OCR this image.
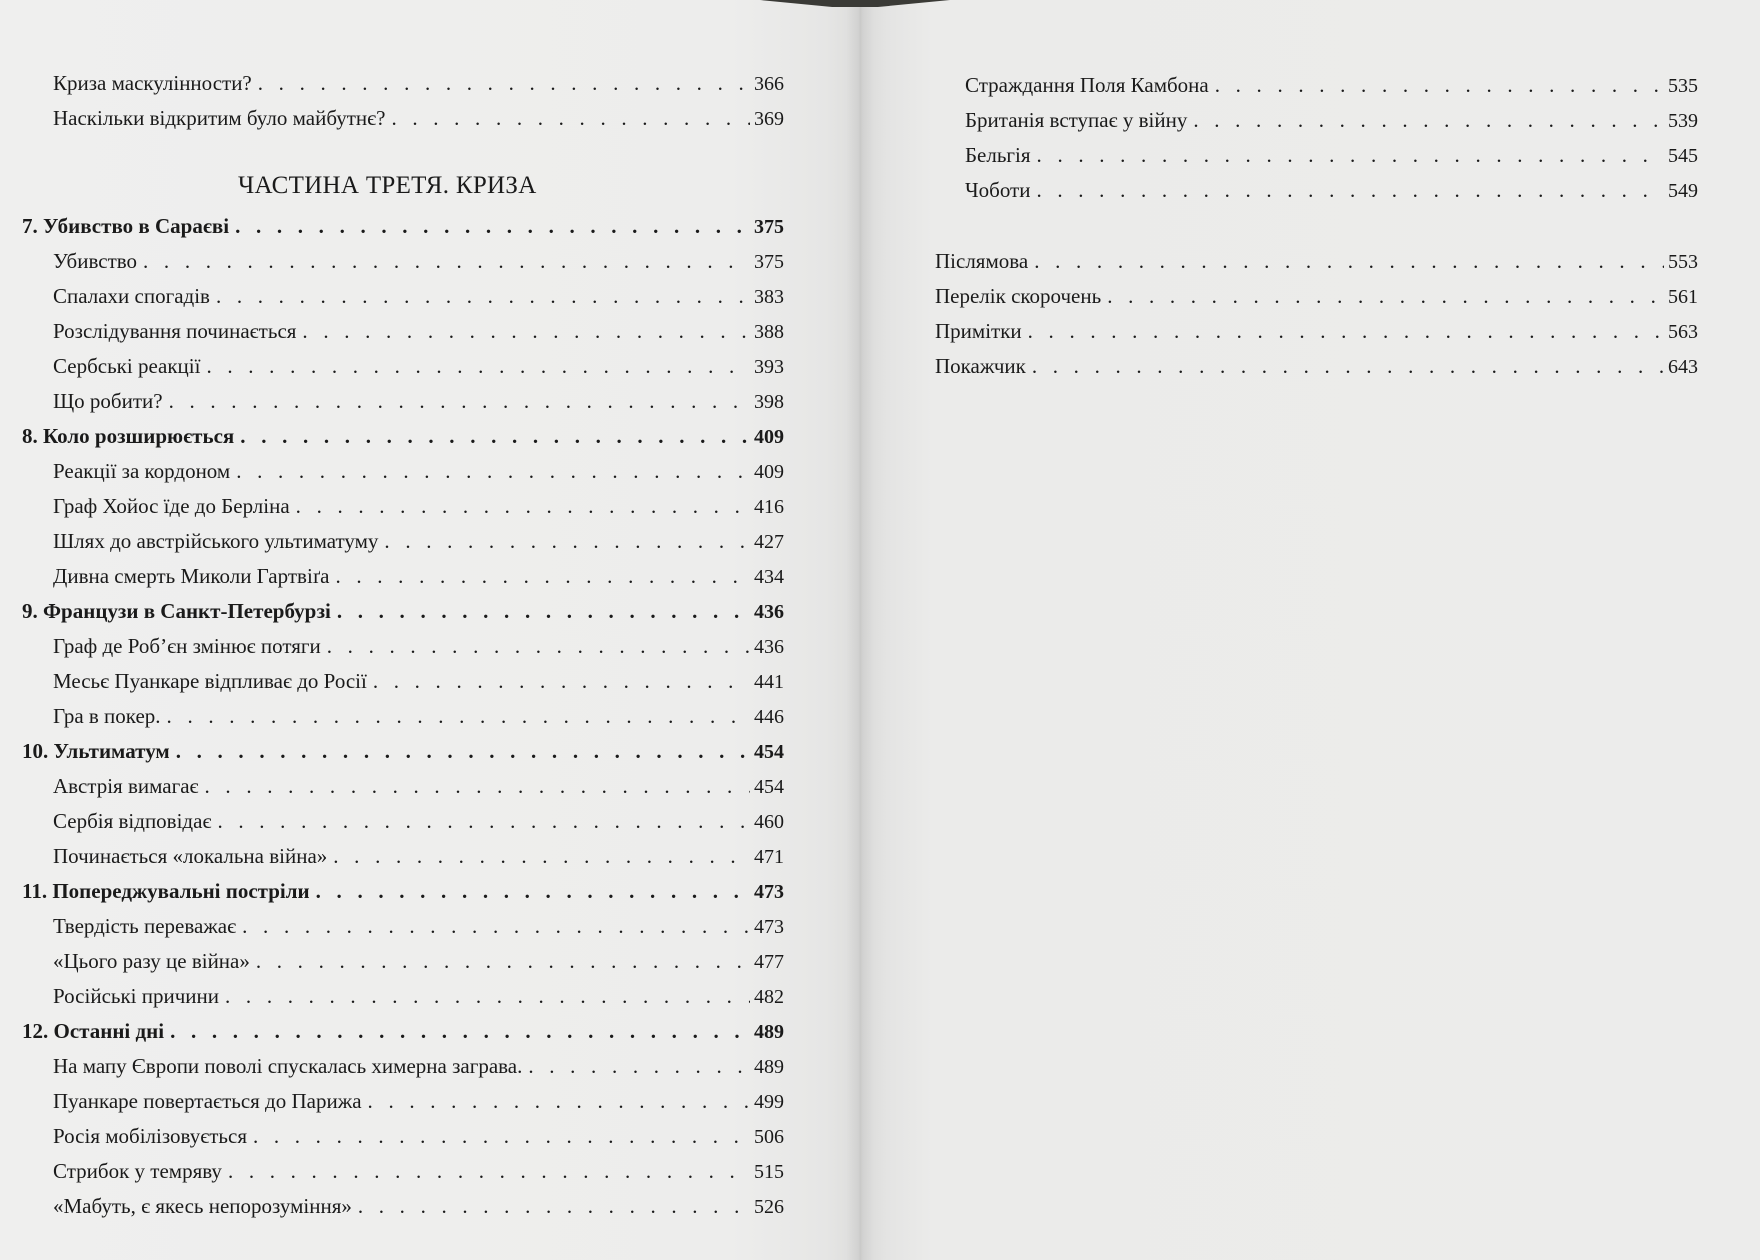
Криза маскулінности? . . .	366
Наскільки відкритим було майбутнє? . . .	369
ЧАСТИНА ТРЕТЯ. КРИЗА
7. Убивство в Сараєві . . .	375
Убивство . . .	375
Спалахи спогадів . . .	383
Розслідування починається . . .	388
Сербські реакції . . .	393
Що робити? . . .	398
8. Коло розширюється . . .	409
Реакції за кордоном . . .	409
Граф Хойос їде до Берліна . . .	416
Шлях до австрійського ультиматуму . . .	427
Дивна смерть Миколи Гартвіґа . . .	434
9. Французи в Санкт-Петербурзі . . .	436
Граф де Роб’єн змінює потяги . . .	436
Месьє Пуанкаре відпливає до Росії . . .	441
Гра в покер. . . .	446
10. Ультиматум . . .	454
Австрія вимагає . . .	454
Сербія відповідає . . .	460
Починається «локальна війна» . . .	471
11. Попереджувальні постріли . . .	473
Твердість переважає . . .	473
«Цього разу це війна» . . .	477
Російські причини . . .	482
12. Останні дні . . .	489
На мапу Європи поволі спускалась химерна заграва. . . .	489
Пуанкаре повертається до Парижа . . .	499
Росія мобілізовується . . .	506
Стрибок у темряву . . .	515
«Мабуть, є якесь непорозуміння» . . .	526
Страждання Поля Камбона . . .	535
Британія вступає у війну . . .	539
Бельгія . . .	545
Чоботи . . .	549
Післямова . . .	553
Перелік скорочень . . .	561
Примітки . . .	563
Покажчик . . .	643
